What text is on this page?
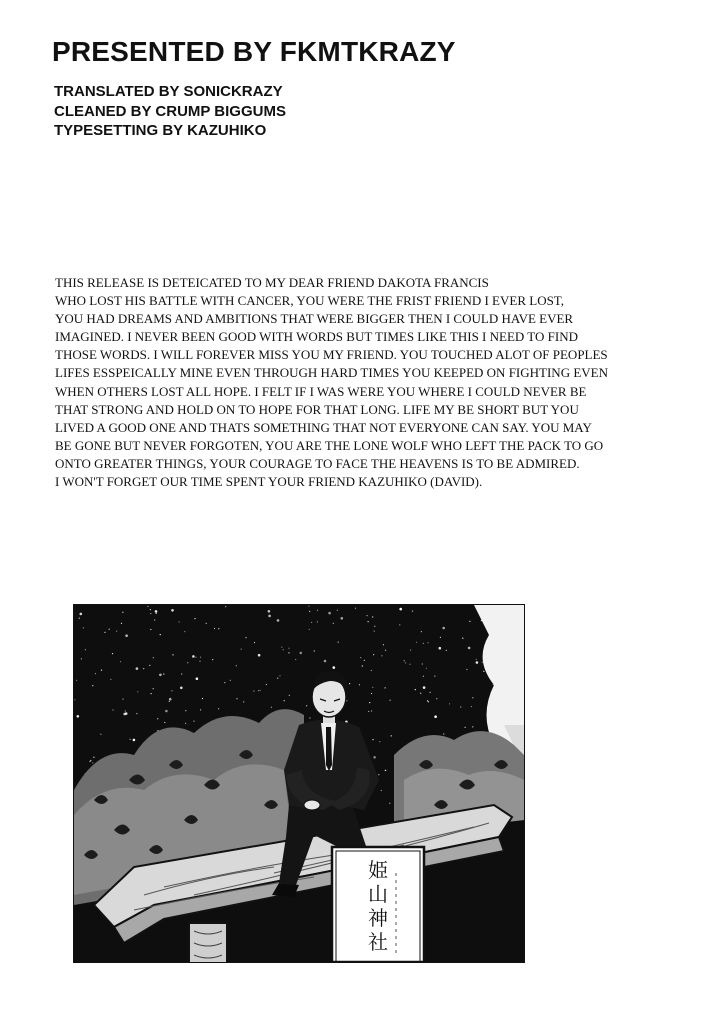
PRESENTED BY FKMTKRAZY
TRANSLATED BY SONICKRAZY
CLEANED BY CRUMP BIGGUMS
TYPESETTING BY KAZUHIKO
THIS RELEASE IS DETEICATED TO MY DEAR FRIEND DAKOTA FRANCIS
WHO LOST HIS BATTLE WITH CANCER, YOU WERE THE FRIST FRIEND I EVER LOST,
YOU HAD DREAMS AND AMBITIONS THAT WERE BIGGER THEN I COULD HAVE EVER
IMAGINED. I NEVER BEEN GOOD WITH WORDS BUT TIMES LIKE THIS I NEED TO FIND
THOSE WORDS. I WILL FOREVER MISS YOU MY FRIEND. YOU TOUCHED ALOT OF PEOPLES
LIFES ESSPEICALLY MINE EVEN THROUGH HARD TIMES YOU KEEPED ON FIGHTING EVEN
WHEN OTHERS LOST ALL HOPE. I FELT IF I WAS WERE YOU WHERE I COULD NEVER BE
THAT STRONG AND HOLD ON TO HOPE FOR THAT LONG. LIFE MY BE SHORT BUT YOU
LIVED A GOOD ONE AND THATS SOMETHING THAT NOT EVERYONE CAN SAY. YOU MAY
BE GONE BUT NEVER FORGOTEN, YOU ARE THE LONE WOLF WHO LEFT THE PACK TO GO
ONTO GREATER THINGS, YOUR COURAGE TO FACE THE HEAVENS IS TO BE ADMIRED.
I WON'T FORGET OUR TIME SPENT YOUR FRIEND KAZUHIKO (DAVID).
姫
山
神
社
